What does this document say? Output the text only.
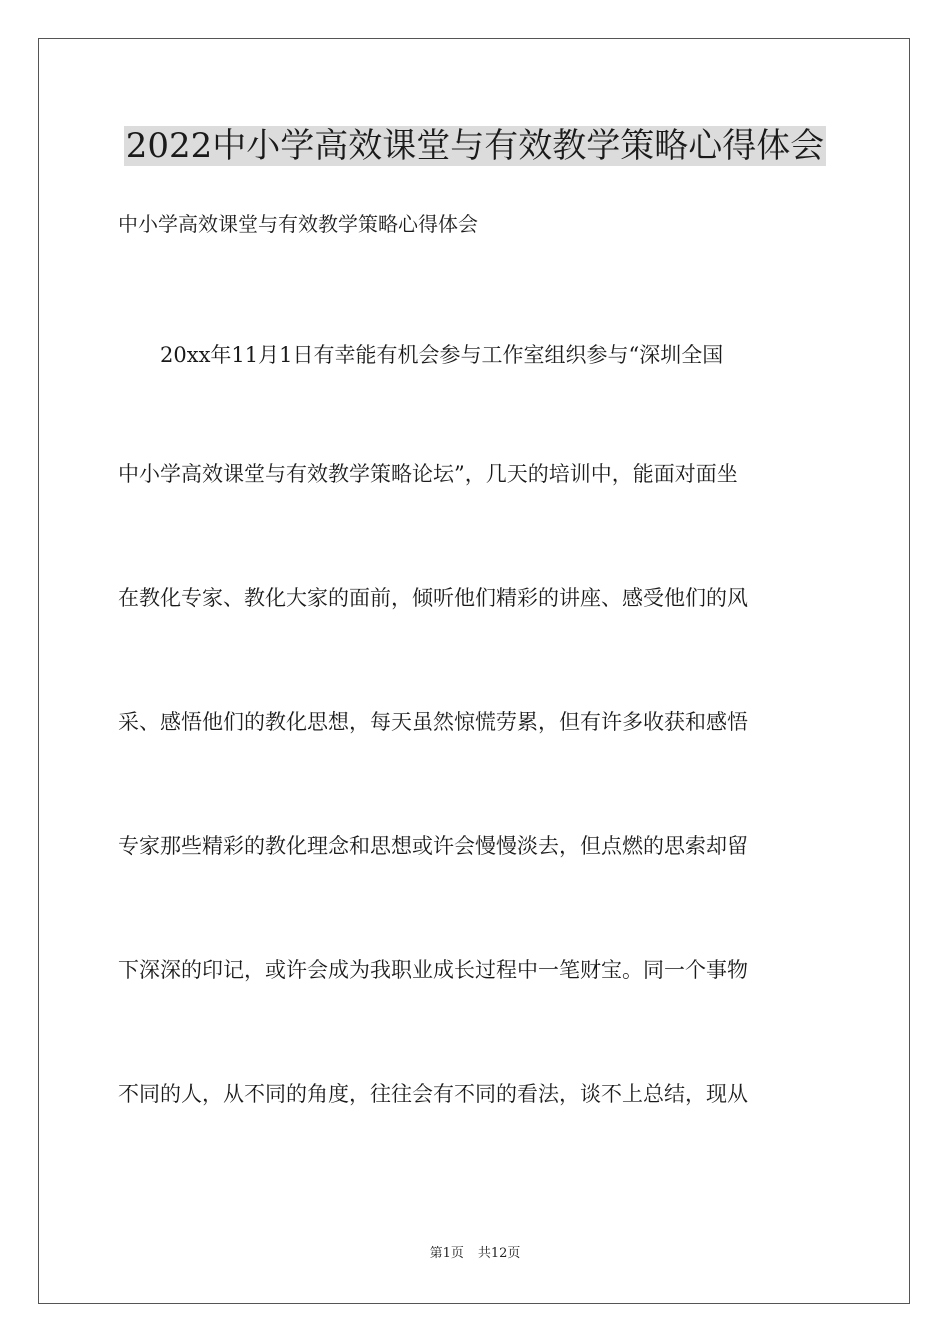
2022中小学高效课堂与有效教学策略心得体会

中小学高效课堂与有效教学策略心得体会

　　20xx年11月1日有幸能有机会参与工作室组织参与“深圳全国

中小学高效课堂与有效教学策略论坛”，几天的培训中，能面对面坐

在教化专家、教化大家的面前，倾听他们精彩的讲座、感受他们的风

采、感悟他们的教化思想，每天虽然惊慌劳累，但有许多收获和感悟

专家那些精彩的教化理念和思想或许会慢慢淡去，但点燃的思索却留

下深深的印记，或许会成为我职业成长过程中一笔财宝。同一个事物

不同的人，从不同的角度，往往会有不同的看法，谈不上总结，现从

第1页 共12页
